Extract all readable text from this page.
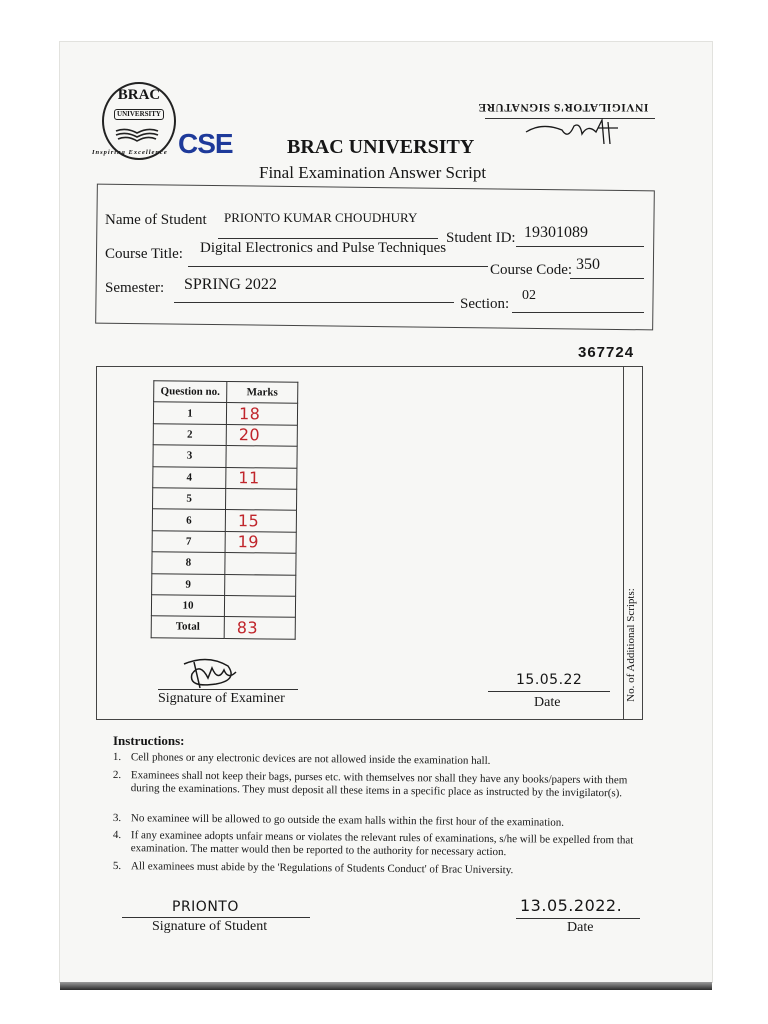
BRAC
UNIVERSITY
Inspiring Excellence CSE	BRAC UNIVERSITY
Final Examination Answer Script
INVIGILATOR'S SIGNATURE
Name of Student PRIONTO KUMAR CHOUDHURY
Student ID: 19301089
Course Title: Digital Electronics and Pulse Techniques
Course Code: 350
Semester: SPRING 2022
Section:
02
367724
No. of Additional Scripts:
Question no.	Marks
1	18
2	20
3	
4	11
5	
6	15
7	19
8	
9	
10	
Total	83
Signature of Examiner
15.05.22
Date
Instructions:
1. Cell phones or any electronic devices are not allowed inside the examination hall.
2. Examinees shall not keep their bags, purses etc. with themselves nor shall they have any books/papers with them during the examinations. They must deposit all these items in a specific place as instructed by the invigilator(s).
3. No examinee will be allowed to go outside the exam halls within the first hour of the examination.
4. If any examinee adopts unfair means or violates the relevant rules of examinations, s/he will be expelled from that examination. The matter would then be reported to the authority for necessary action.
5. All examinees must abide by the 'Regulations of Students Conduct' of Brac University.
PRIONTO
Signature of Student
13.05.2022.
Date
